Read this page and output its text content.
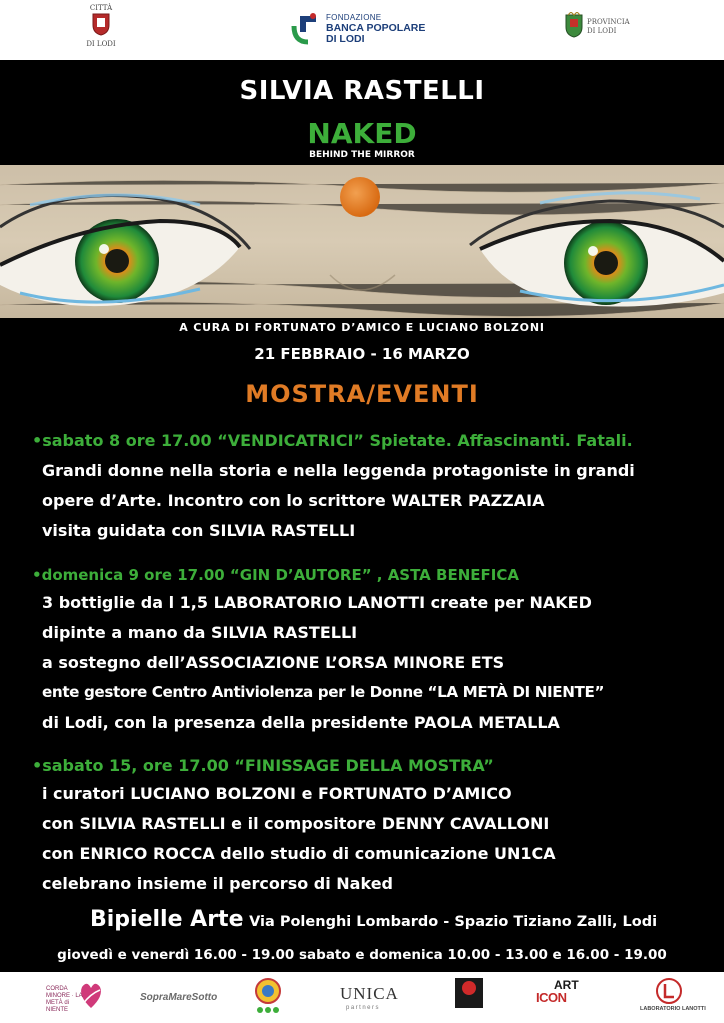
CITTÀ
DI LODI
FONDAZIONE
BANCA POPOLARE
DI LODI
PROVINCIA
DI LODI
SILVIA RASTELLI
NAKED
BEHIND THE MIRROR
A CURA DI FORTUNATO D’AMICO E LUCIANO BOLZONI
21 FEBBRAIO - 16 MARZO
MOSTRA/EVENTI
•sabato 8 ore 17.00 “VENDICATRICI” Spietate. Affascinanti. Fatali.
Grandi donne nella storia e nella leggenda protagoniste in grandi
opere d’Arte. Incontro con lo scrittore WALTER PAZZAIA
visita guidata con SILVIA RASTELLI
•domenica 9 ore 17.00 “GIN D’AUTORE” , ASTA BENEFICA
3 bottiglie da l 1,5 LABORATORIO LANOTTI create per NAKED
dipinte a mano da SILVIA RASTELLI
a sostegno dell’ASSOCIAZIONE L’ORSA MINORE ETS
ente gestore Centro Antiviolenza per le Donne “LA METÀ DI NIENTE”
di Lodi, con la presenza della presidente PAOLA METALLA
•sabato 15, ore 17.00 “FINISSAGE DELLA MOSTRA”
i curatori LUCIANO BOLZONI e FORTUNATO D’AMICO
con SILVIA RASTELLI e il compositore DENNY CAVALLONI
con ENRICO ROCCA dello studio di comunicazione UN1CA
celebrano insieme il percorso di Naked
Bipielle Arte Via Polenghi Lombardo - Spazio Tiziano Zalli, Lodi
giovedì e venerdì 16.00 - 19.00 sabato e domenica 10.00 - 13.00 e 16.00 - 19.00
CORDA MINORE · LA METÀ di NIENTE
SopraMareSotto	UNICA
partners
ART
ICON
LABORATORIO LANOTTI
